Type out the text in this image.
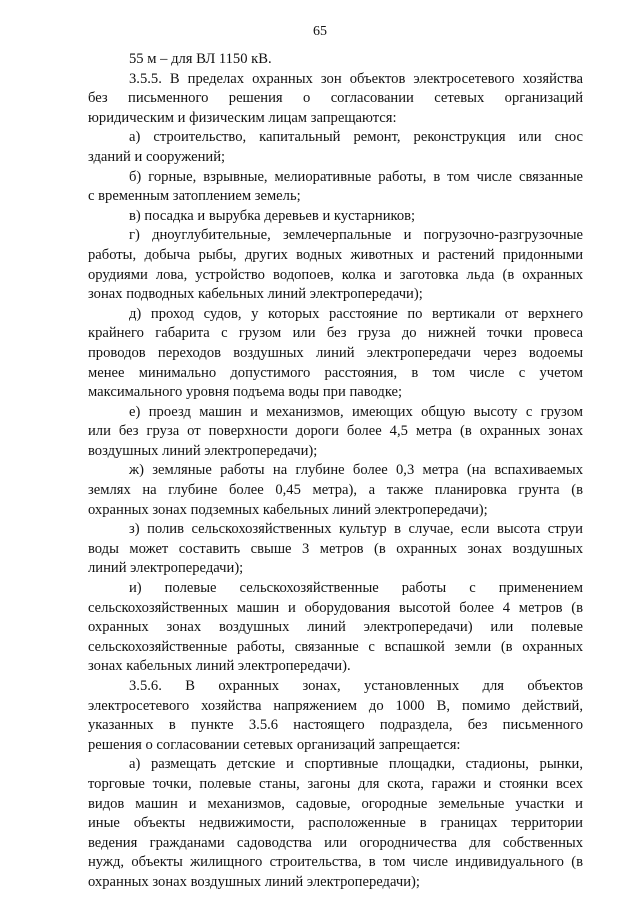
65
55 м – для ВЛ 1150 кВ.
3.5.5. В пределах охранных зон объектов электросетевого хозяйства
без письменного решения о согласовании сетевых организаций
юридическим и физическим лицам запрещаются:
а) строительство, капитальный ремонт, реконструкция или снос
зданий и сооружений;
б) горные, взрывные, мелиоративные работы, в том числе связанные
с временным затоплением земель;
в) посадка и вырубка деревьев и кустарников;
г) дноуглубительные, землечерпальные и погрузочно-разгрузочные
работы, добыча рыбы, других водных животных и растений придонными
орудиями лова, устройство водопоев, колка и заготовка льда (в охранных
зонах подводных кабельных линий электропередачи);
д) проход судов, у которых расстояние по вертикали от верхнего
крайнего габарита с грузом или без груза до нижней точки провеса
проводов переходов воздушных линий электропередачи через водоемы
менее минимально допустимого расстояния, в том числе с учетом
максимального уровня подъема воды при паводке;
е) проезд машин и механизмов, имеющих общую высоту с грузом
или без груза от поверхности дороги более 4,5 метра (в охранных зонах
воздушных линий электропередачи);
ж) земляные работы на глубине более 0,3 метра (на вспахиваемых
землях на глубине более 0,45 метра), а также планировка грунта (в
охранных зонах подземных кабельных линий электропередачи);
з) полив сельскохозяйственных культур в случае, если высота струи
воды может составить свыше 3 метров (в охранных зонах воздушных
линий электропередачи);
и) полевые сельскохозяйственные работы с применением
сельскохозяйственных машин и оборудования высотой более 4 метров (в
охранных зонах воздушных линий электропередачи) или полевые
сельскохозяйственные работы, связанные с вспашкой земли (в охранных
зонах кабельных линий электропередачи).
3.5.6. В охранных зонах, установленных для объектов
электросетевого хозяйства напряжением до 1000 В, помимо действий,
указанных в пункте 3.5.6 настоящего подраздела, без письменного
решения о согласовании сетевых организаций запрещается:
а) размещать детские и спортивные площадки, стадионы, рынки,
торговые точки, полевые станы, загоны для скота, гаражи и стоянки всех
видов машин и механизмов, садовые, огородные земельные участки и
иные объекты недвижимости, расположенные в границах территории
ведения гражданами садоводства или огородничества для собственных
нужд, объекты жилищного строительства, в том числе индивидуального (в
охранных зонах воздушных линий электропередачи);
